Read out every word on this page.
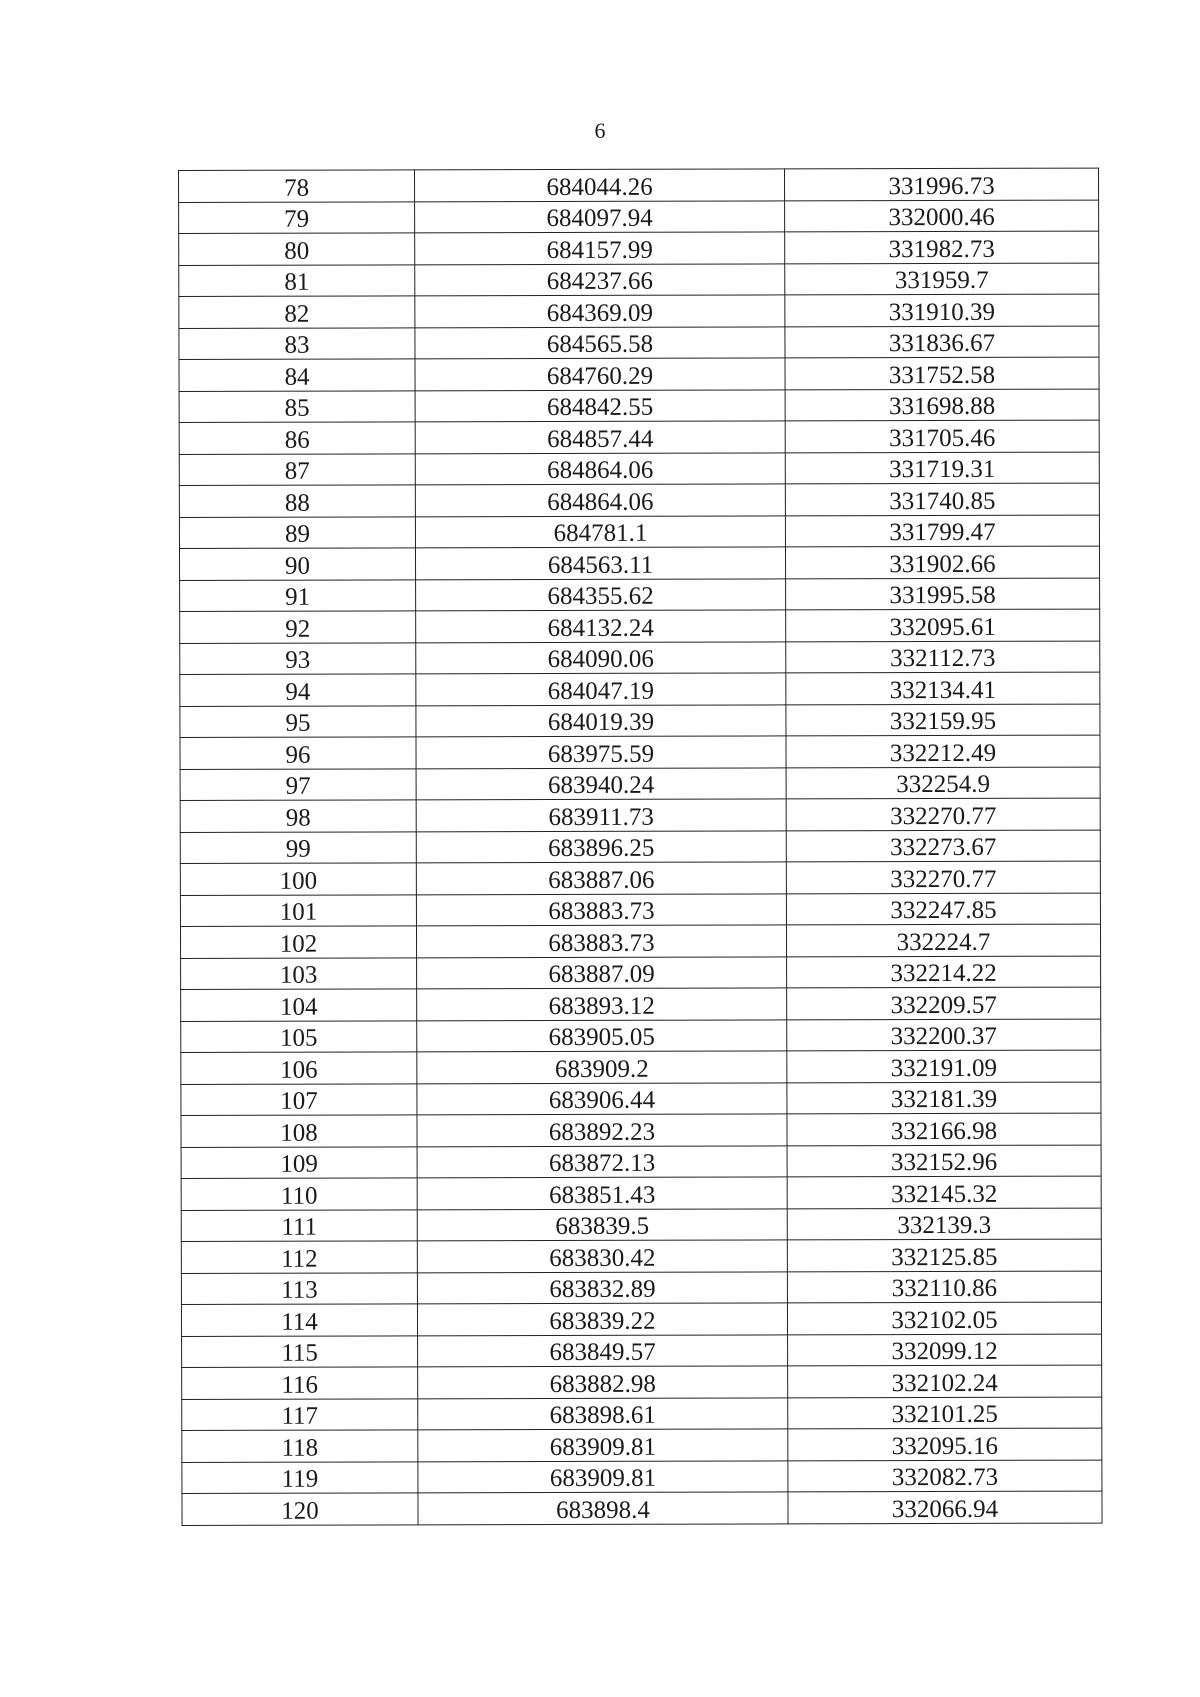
6
78	684044.26	331996.73
79	684097.94	332000.46
80	684157.99	331982.73
81	684237.66	331959.7
82	684369.09	331910.39
83	684565.58	331836.67
84	684760.29	331752.58
85	684842.55	331698.88
86	684857.44	331705.46
87	684864.06	331719.31
88	684864.06	331740.85
89	684781.1	331799.47
90	684563.11	331902.66
91	684355.62	331995.58
92	684132.24	332095.61
93	684090.06	332112.73
94	684047.19	332134.41
95	684019.39	332159.95
96	683975.59	332212.49
97	683940.24	332254.9
98	683911.73	332270.77
99	683896.25	332273.67
100	683887.06	332270.77
101	683883.73	332247.85
102	683883.73	332224.7
103	683887.09	332214.22
104	683893.12	332209.57
105	683905.05	332200.37
106	683909.2	332191.09
107	683906.44	332181.39
108	683892.23	332166.98
109	683872.13	332152.96
110	683851.43	332145.32
111	683839.5	332139.3
112	683830.42	332125.85
113	683832.89	332110.86
114	683839.22	332102.05
115	683849.57	332099.12
116	683882.98	332102.24
117	683898.61	332101.25
118	683909.81	332095.16
119	683909.81	332082.73
120	683898.4	332066.94
